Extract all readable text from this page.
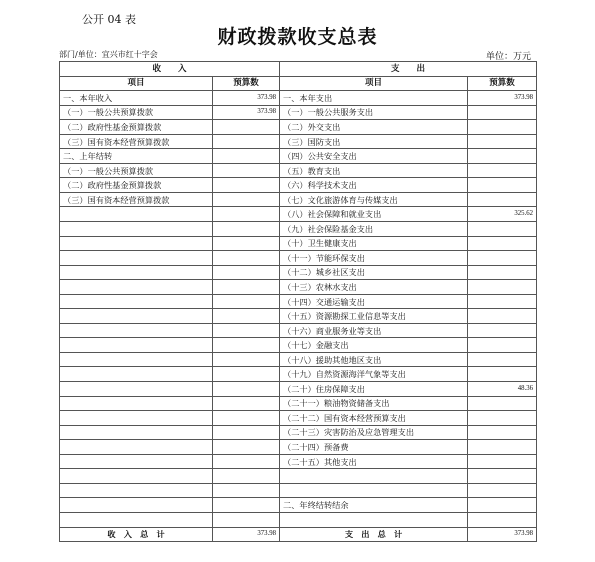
公开 04 表
财政拨款收支总表
部门/单位：宜兴市红十字会	单位：万元
收　　入		支　　出	
项目	预算数	项目	预算数
一、本年收入	373.98	一、本年支出	373.98
（一）一般公共预算拨款	373.98	（一）一般公共服务支出	
（二）政府性基金预算拨款		（二）外交支出	
（三）国有资本经营预算拨款		（三）国防支出	
二、上年结转		（四）公共安全支出	
（一）一般公共预算拨款		（五）教育支出	
（二）政府性基金预算拨款		（六）科学技术支出	
（三）国有资本经营预算拨款		（七）文化旅游体育与传媒支出	
		（八）社会保障和就业支出	325.62
		（九）社会保险基金支出	
		（十）卫生健康支出	
		（十一）节能环保支出	
		（十二）城乡社区支出	
		（十三）农林水支出	
		（十四）交通运输支出	
		（十五）资源勘探工业信息等支出	
		（十六）商业服务业等支出	
		（十七）金融支出	
		（十八）援助其他地区支出	
		（十九）自然资源海洋气象等支出	
		（二十）住房保障支出	48.36
		（二十一）粮油物资储备支出	
		（二十二）国有资本经营预算支出	
		（二十三）灾害防治及应急管理支出	
		（二十四）预备费	
		（二十五）其他支出	

		二、年终结转结余	

收　入　总　计	373.98	支　出　总　计	373.98
